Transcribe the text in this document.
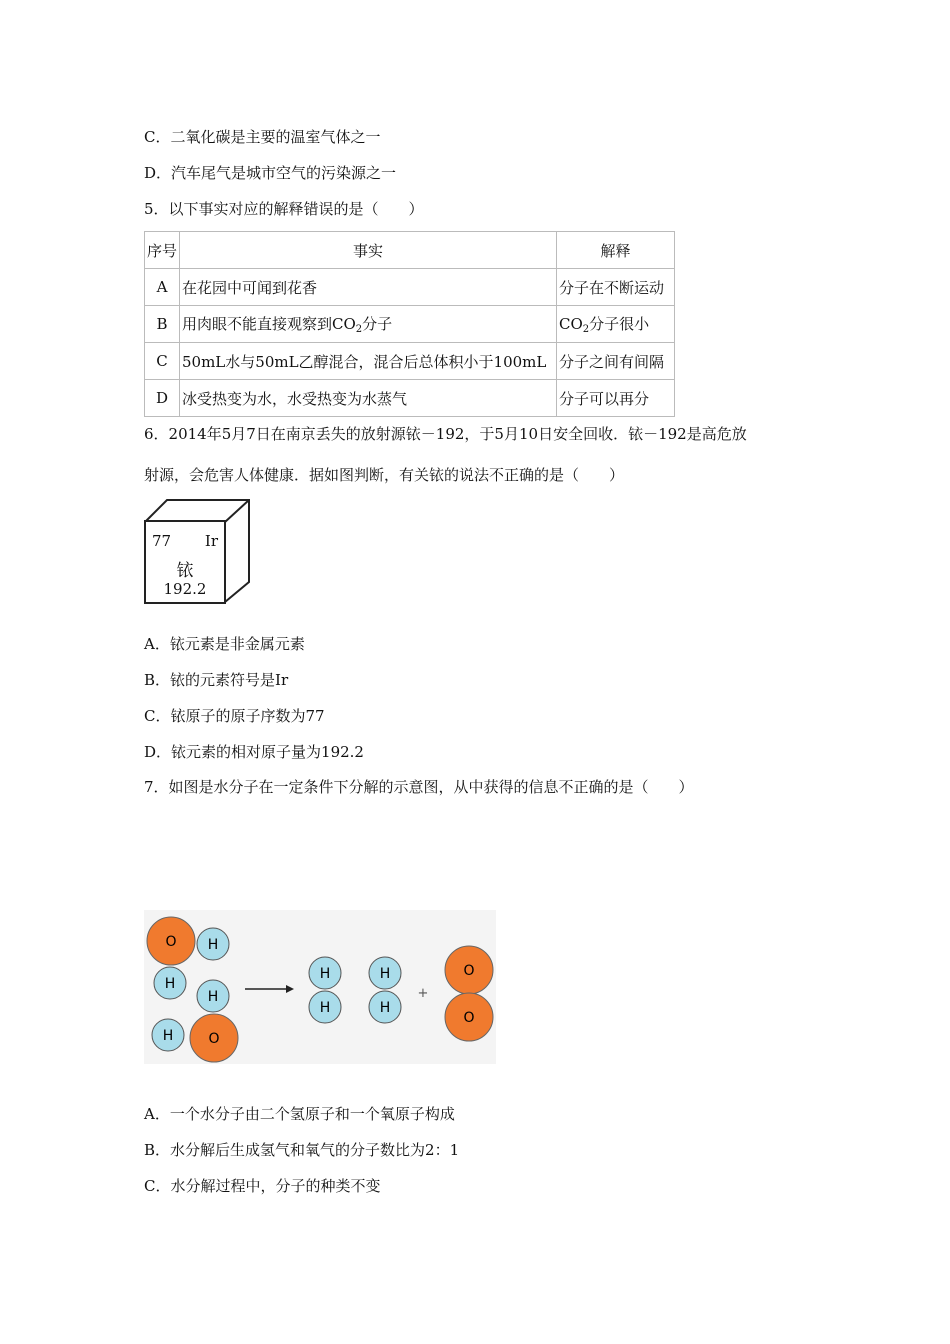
C．二氧化碳是主要的温室气体之一
D．汽车尾气是城市空气的污染源之一
5．以下事实对应的解释错误的是（　　）
序号	事实	解释
A	在花园中可闻到花香	分子在不断运动
B	用肉眼不能直接观察到$CO_2$分子	$CO_2$分子很小
C	50mL水与50mL乙醇混合，混合后总体积小于100mL	分子之间有间隔
D	冰受热变为水，水受热变为水蒸气	分子可以再分
6．2014年5月7日在南京丢失的放射源铱－192，于5月10日安全回收．铱－192是高危放
射源，会危害人体健康．据如图判断，有关铱的说法不正确的是（　　）
77 Ir
铱
192.2
A．铱元素是非金属元素
B．铱的元素符号是Ir
C．铱原子的原子序数为77
D．铱元素的相对原子量为192.2
7．如图是水分子在一定条件下分解的示意图，从中获得的信息不正确的是（　　）
O H
H
H
H	O
H
H
H
H
+
O
O
A．一个水分子由二个氢原子和一个氧原子构成
B．水分解后生成氢气和氧气的分子数比为2：1
C．水分解过程中，分子的种类不变
